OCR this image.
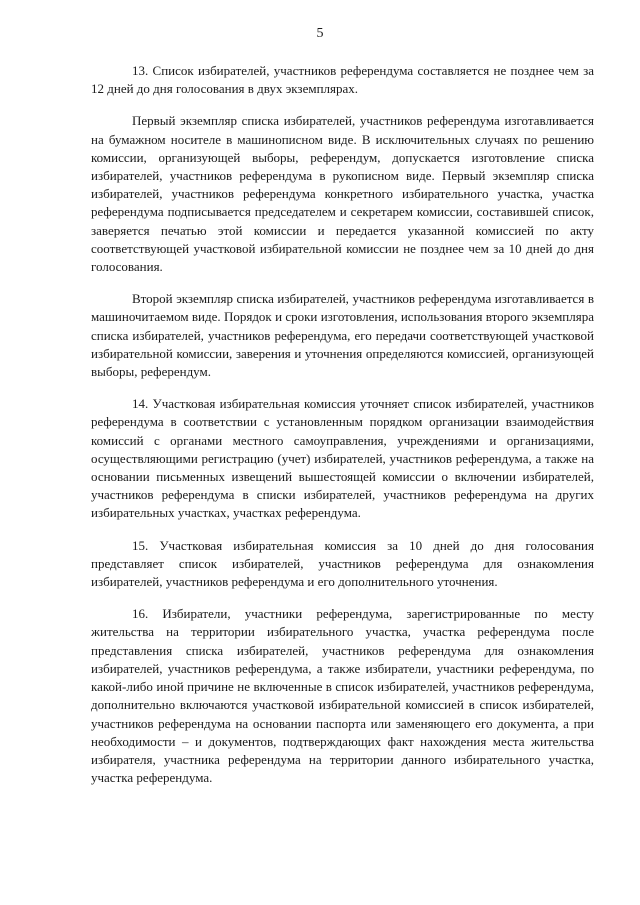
5

13. Список избирателей, участников референдума составляется не позднее чем за 12 дней до дня голосования в двух экземплярах.

Первый экземпляр списка избирателей, участников референдума изготавливается на бумажном носителе в машинописном виде. В исключительных случаях по решению комиссии, организующей выборы, референдум, допускается изготовление списка избирателей, участников референдума в рукописном виде. Первый экземпляр списка избирателей, участников референдума конкретного избирательного участка, участка референдума подписывается председателем и секретарем комиссии, составившей список, заверяется печатью этой комиссии и передается указанной комиссией по акту соответствующей участковой избирательной комиссии не позднее чем за 10 дней до дня голосования.

Второй экземпляр списка избирателей, участников референдума изготавливается в машиночитаемом виде. Порядок и сроки изготовления, использования второго экземпляра списка избирателей, участников референдума, его передачи соответствующей участковой избирательной комиссии, заверения и уточнения определяются комиссией, организующей выборы, референдум.

14. Участковая избирательная комиссия уточняет список избирателей, участников референдума в соответствии с установленным порядком организации взаимодействия комиссий с органами местного самоуправления, учреждениями и организациями, осуществляющими регистрацию (учет) избирателей, участников референдума, а также на основании письменных извещений вышестоящей комиссии о включении избирателей, участников референдума в списки избирателей, участников референдума на других избирательных участках, участках референдума.

15. Участковая избирательная комиссия за 10 дней до дня голосования представляет список избирателей, участников референдума для ознакомления избирателей, участников референдума и его дополнительного уточнения.

16. Избиратели, участники референдума, зарегистрированные по месту жительства на территории избирательного участка, участка референдума после представления списка избирателей, участников референдума для ознакомления избирателей, участников референдума, а также избиратели, участники референдума, по какой-либо иной причине не включенные в список избирателей, участников референдума, дополнительно включаются участковой избирательной комиссией в список избирателей, участников референдума на основании паспорта или заменяющего его документа, а при необходимости – и документов, подтверждающих факт нахождения места жительства избирателя, участника референдума на территории данного избирательного участка, участка референдума.
